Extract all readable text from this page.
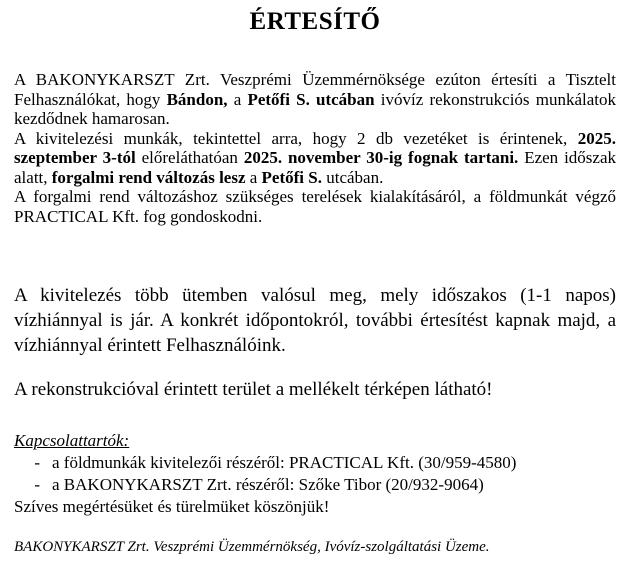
ÉRTESÍTŐ

A BAKONYKARSZT Zrt. Veszprémi Üzemmérnöksége ezúton értesíti a Tisztelt Felhasználókat, hogy Bándon, a Petőfi S. utcában ivóvíz rekonstrukciós munkálatok kezdődnek hamarosan.

A kivitelezési munkák, tekintettel arra, hogy 2 db vezetéket is érintenek, 2025. szeptember 3-tól előreláthatóan 2025. november 30-ig fognak tartani. Ezen időszak alatt, forgalmi rend változás lesz a Petőfi S. utcában.

A forgalmi rend változáshoz szükséges terelések kialakításáról, a földmunkát végző PRACTICAL Kft. fog gondoskodni.

A kivitelezés több ütemben valósul meg, mely időszakos (1-1 napos) vízhiánnyal is jár. A konkrét időpontokról, további értesítést kapnak majd, a vízhiánnyal érintett Felhasználóink.
A rekonstrukcióval érintett terület a mellékelt térképen látható!
Kapcsolattartók:
- a földmunkák kivitelezői részéről: PRACTICAL Kft. (30/959-4580)
- a BAKONYKARSZT Zrt. részéről: Szőke Tibor (20/932-9064)
Szíves megértésüket és türelmüket köszönjük!
BAKONYKARSZT Zrt. Veszprémi Üzemmérnökség, Ivóvíz-szolgáltatási Üzeme.
